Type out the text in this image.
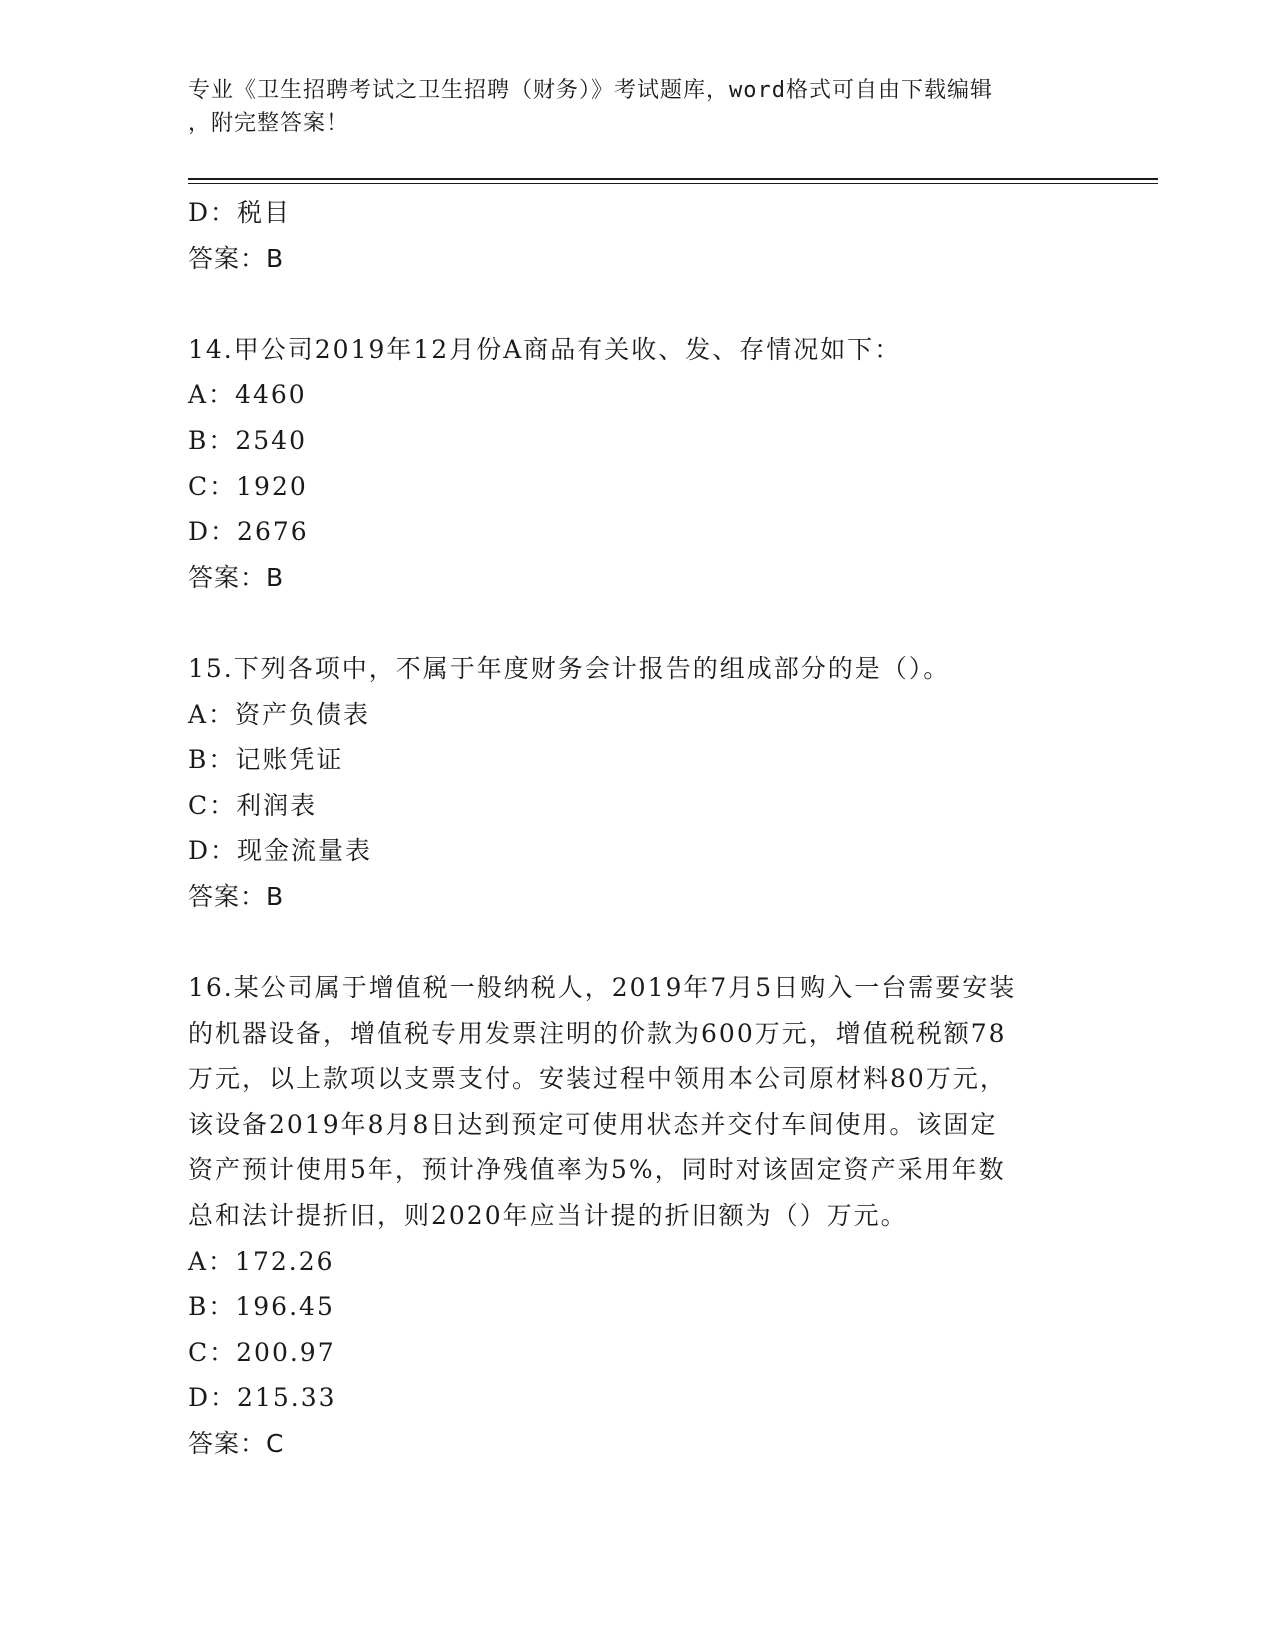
专业《卫生招聘考试之卫生招聘（财务）》考试题库，word格式可自由下载编辑
，附完整答案！
D：税目
答案：B
14.甲公司2019年12月份A商品有关收、发、存情况如下：
A：4460
B：2540
C：1920
D：2676
答案：B
15.下列各项中，不属于年度财务会计报告的组成部分的是（）。
A：资产负债表
B：记账凭证
C：利润表
D：现金流量表
答案：B
16.某公司属于增值税一般纳税人，2019年7月5日购入一台需要安装
的机器设备，增值税专用发票注明的价款为600万元，增值税税额78
万元，以上款项以支票支付。安装过程中领用本公司原材料80万元，
该设备2019年8月8日达到预定可使用状态并交付车间使用。该固定
资产预计使用5年，预计净残值率为5%，同时对该固定资产采用年数
总和法计提折旧，则2020年应当计提的折旧额为（）万元。
A：172.26
B：196.45
C：200.97
D：215.33
答案：C
